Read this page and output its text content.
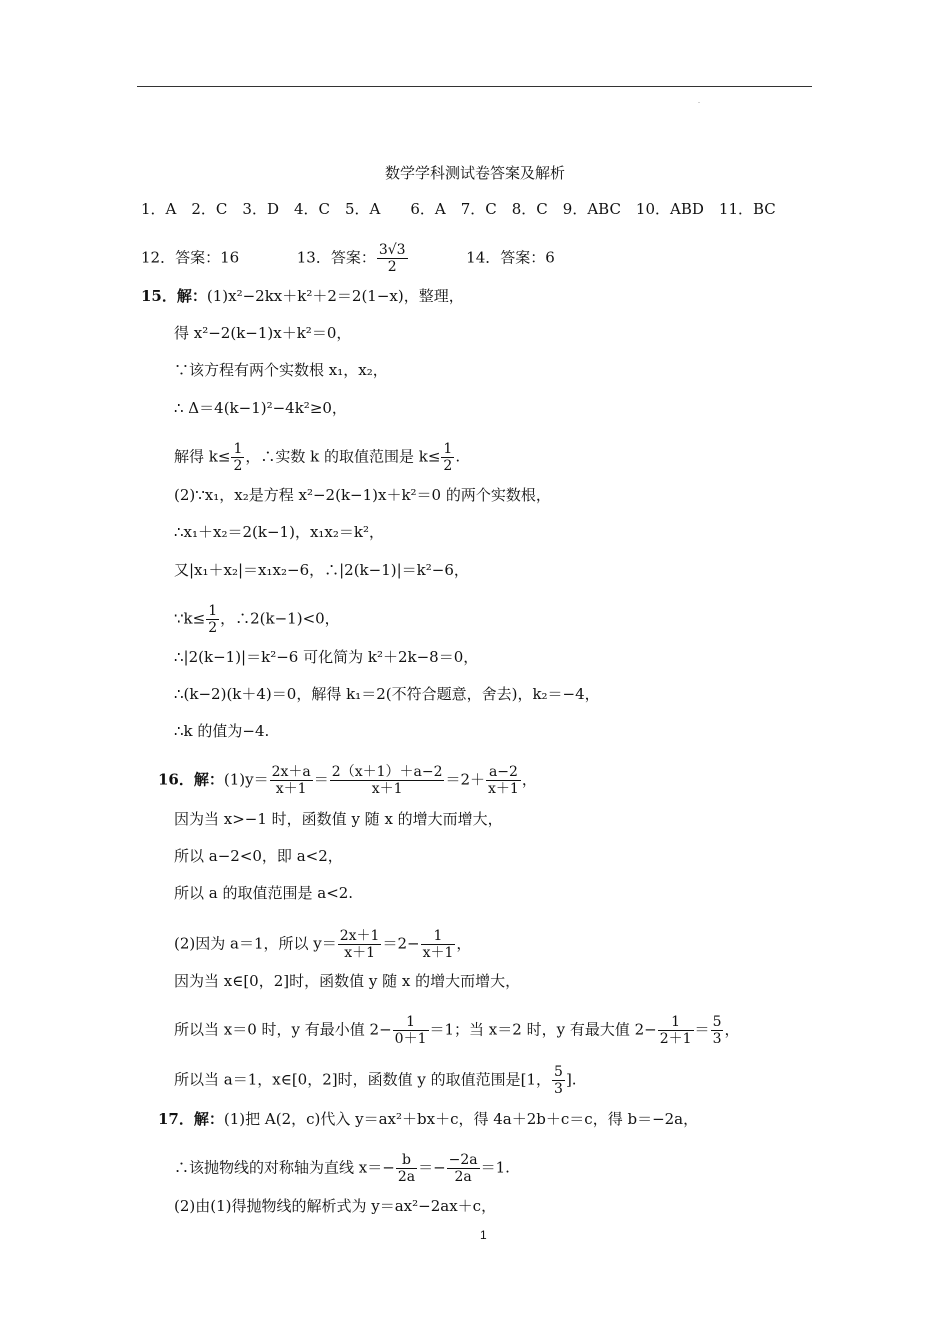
-
数学学科测试卷答案及解析
1．A　2．C　3．D　4．C　5．A　　6．A　7．C　8．C　9．ABC　10．ABD　11．BC
12．答案：16	13．答案： $\frac{3√3}{2}$	14．答案：6
15．解：(1)x²−2kx＋k²＋2＝2(1−x)，整理，
得 x²−2(k−1)x＋k²＝0，
∵该方程有两个实数根 x₁，x₂，
∴ Δ＝4(k−1)²−4k²≥0，
解得 $k\le \frac{1}{2}$ ，∴实数 k 的取值范围是 $k\le \frac{1}{2}$ .
(2)∵x₁，x₂是方程 x²−2(k−1)x＋k²＝0 的两个实数根，
∴x₁＋x₂＝2(k−1)，x₁x₂＝k²，
又|x₁＋x₂|＝x₁x₂−6，∴|2(k−1)|＝k²−6，
∵k≤ $\frac{1}{2}$ ，∴2(k−1)<0，
∴|2(k−1)|＝k²−6 可化简为 k²＋2k−8＝0，
∴(k−2)(k＋4)＝0，解得 k₁＝2(不符合题意，舍去)，k₂＝−4，
∴k 的值为−4.
16．解：$(1)y= \frac{2x+a}{x+1} = \frac{2(x+1)+a-2}{x+1} =2+ \frac{a-2}{x+1}$ ，
因为当 x>−1 时，函数值 y 随 x 的增大而增大，
所以 a−2<0，即 a<2，
所以 a 的取值范围是 a<2.
(2)因为 a＝1，所以 $y= \frac{2x+1}{x+1} =2- \frac{1}{x+1}$ ，
因为当 x∈[0，2]时，函数值 y 随 x 的增大而增大，
所以当 x＝0 时，y 有最小值 $2- \frac{1}{0+1} =1$；当 x＝2 时，y 有最大值 $2- \frac{1}{2+1} = \frac{5}{3}$ ，
所以当 a＝1，x∈[0，2]时，函数值 y 的取值范围是[1， $\frac{5}{3}$ ].
17．解：(1)把 A(2，c)代入 y＝ax²＋bx＋c，得 4a＋2b＋c＝c，得 b＝−2a，
∴该抛物线的对称轴为直线 $x=- \frac{b}{2a} =- \frac{-2a}{2a} =1$.
(2)由(1)得抛物线的解析式为 y＝ax²−2ax＋c，
1
